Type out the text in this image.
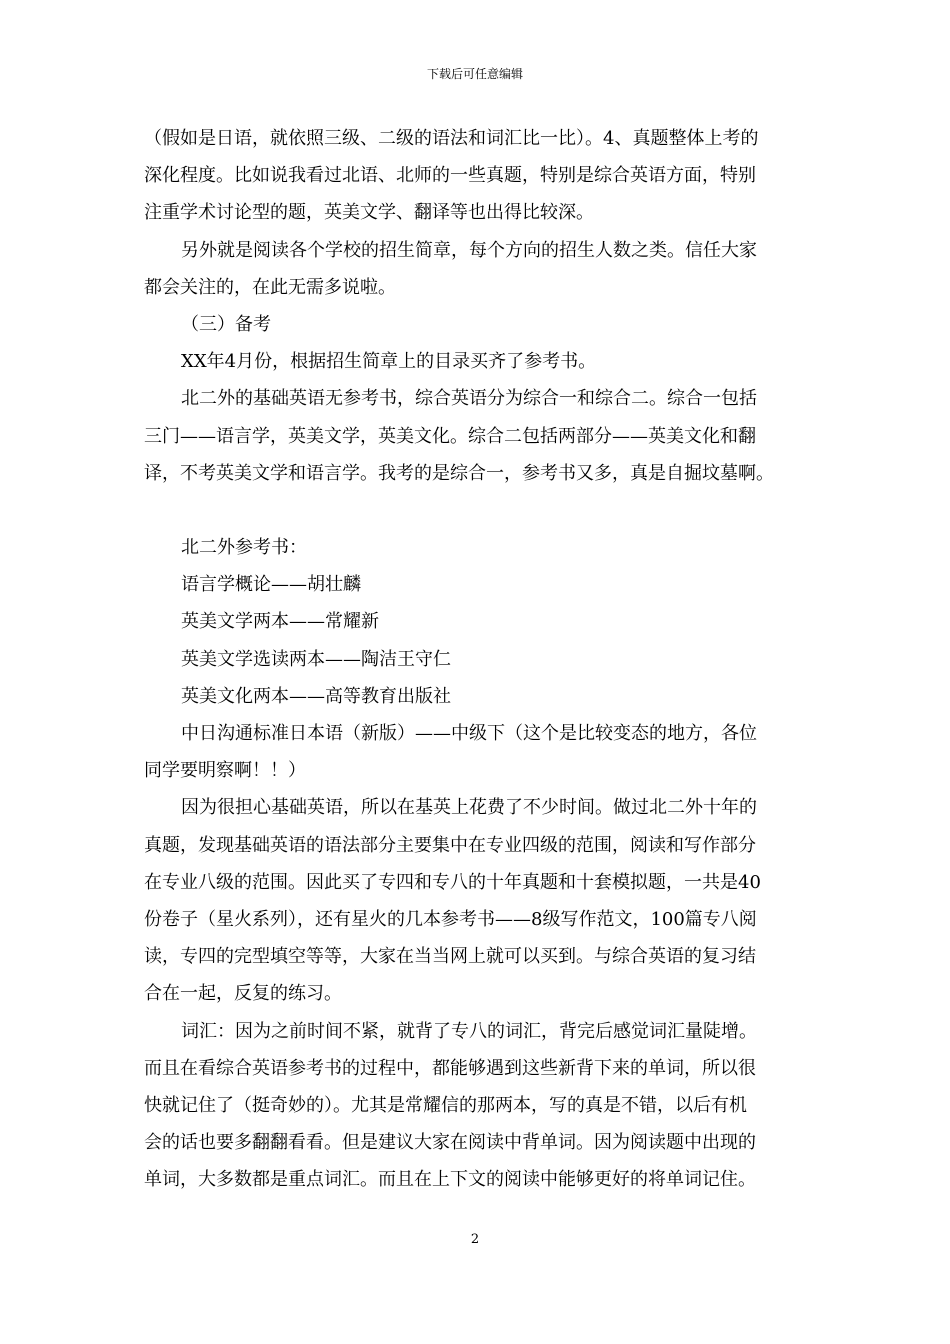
下载后可任意编辑
（假如是日语，就依照三级、二级的语法和词汇比一比）。4、真题整体上考的
深化程度。比如说我看过北语、北师的一些真题，特别是综合英语方面，特别
注重学术讨论型的题，英美文学、翻译等也出得比较深。
另外就是阅读各个学校的招生简章，每个方向的招生人数之类。信任大家
都会关注的，在此无需多说啦。
（三）备考
XX年4月份，根据招生简章上的目录买齐了参考书。
北二外的基础英语无参考书，综合英语分为综合一和综合二。综合一包括
三门——语言学，英美文学，英美文化。综合二包括两部分——英美文化和翻
译，不考英美文学和语言学。我考的是综合一，参考书又多，真是自掘坟墓啊。
北二外参考书：
语言学概论——胡壮麟
英美文学两本——常耀新
英美文学选读两本——陶洁王守仁
英美文化两本——高等教育出版社
中日沟通标准日本语（新版）——中级下（这个是比较变态的地方，各位
同学要明察啊！！）
因为很担心基础英语，所以在基英上花费了不少时间。做过北二外十年的
真题，发现基础英语的语法部分主要集中在专业四级的范围，阅读和写作部分
在专业八级的范围。因此买了专四和专八的十年真题和十套模拟题，一共是40
份卷子（星火系列），还有星火的几本参考书——8级写作范文，100篇专八阅
读，专四的完型填空等等，大家在当当网上就可以买到。与综合英语的复习结
合在一起，反复的练习。
词汇：因为之前时间不紧，就背了专八的词汇，背完后感觉词汇量陡增。
而且在看综合英语参考书的过程中，都能够遇到这些新背下来的单词，所以很
快就记住了（挺奇妙的）。尤其是常耀信的那两本，写的真是不错，以后有机
会的话也要多翻翻看看。但是建议大家在阅读中背单词。因为阅读题中出现的
单词，大多数都是重点词汇。而且在上下文的阅读中能够更好的将单词记住。
2
